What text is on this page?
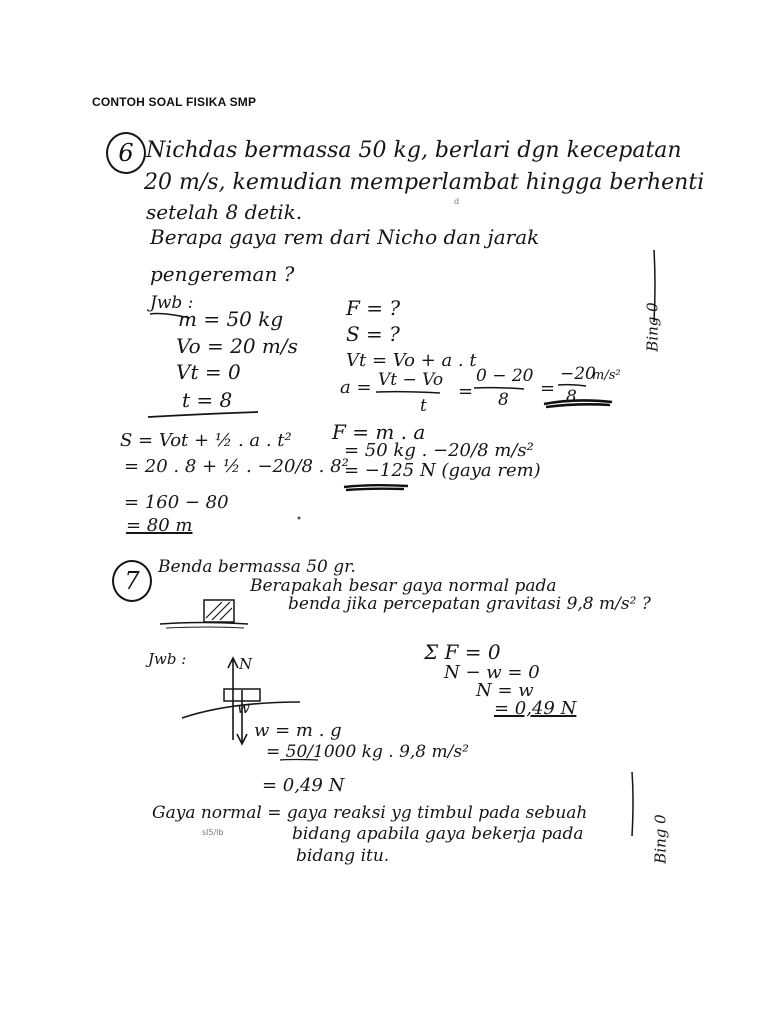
CONTOH SOAL FISIKA SMP
6 Nichdas bermassa 50 kg, berlari dgn kecepatan
20 m/s, kemudian memperlambat hingga berhenti
setelah 8 detik.	d
Berapa gaya rem dari Nicho dan jarak
pengereman ?
Jwb :
m = 50 kg
Vo = 20 m/s
Vt = 0
t = 8
F = ?
S = ?
Vt = Vo + a . t
a = Vt − Vo
t
=
0 − 20
8
=
−20
8
m/s²
S = Vot + ½ . a . t²
= 20 . 8 + ½ . −20/8 . 8²
= 160 − 80
= 80 m
F = m . a
= 50 kg . −20/8 m/s²
= −125 N (gaya rem)
Bing 0
7	Benda bermassa 50 gr.
Berapakah besar gaya normal pada
benda jika percepatan gravitasi 9,8 m/s² ?
Jwb :	N
w
Σ F = 0
N − w = 0
N = w
= 0,49 N
w = m . g
= 50/1000 kg . 9,8 m/s²
= 0,49 N
Gaya normal = gaya reaksi yg timbul pada sebuah
bidang apabila gaya bekerja pada
bidang itu.
sl5/lb	Bing 0
